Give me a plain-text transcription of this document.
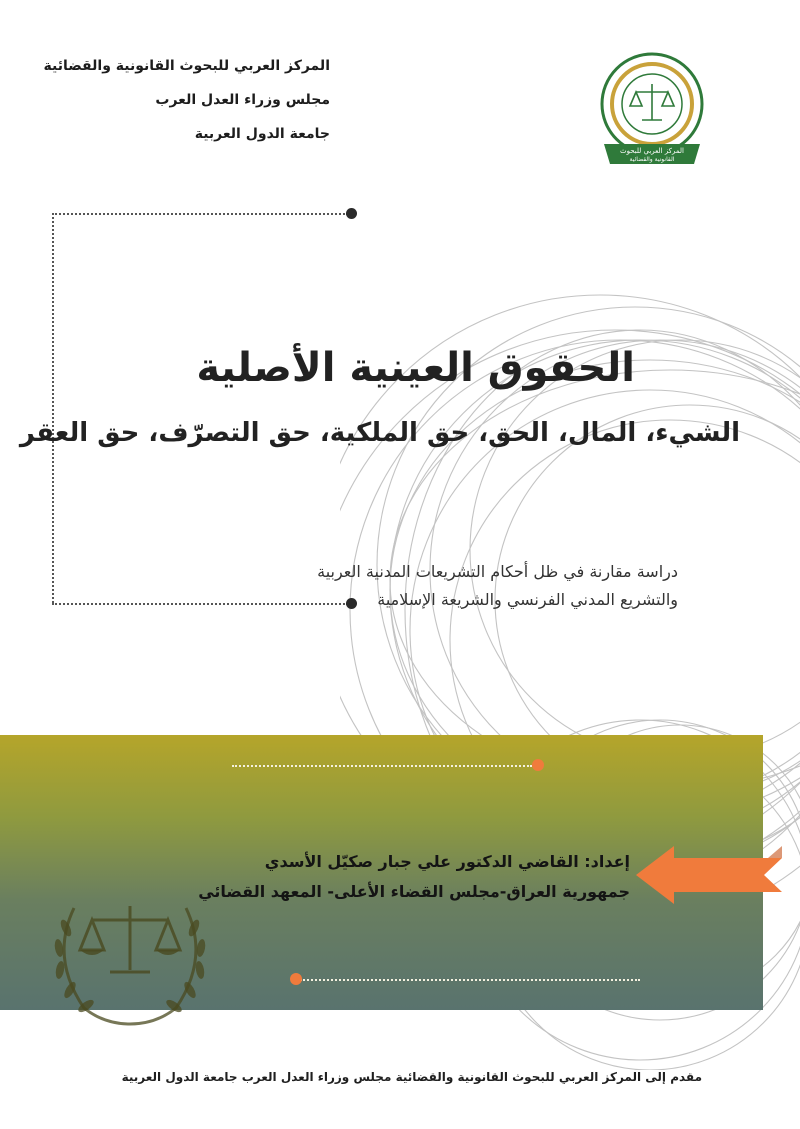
المركز العربي للبحوث القانونية والقضائية
مجلس وزراء العدل العرب
جامعة الدول العربية
المركز العربي للبحوث
القانونية والقضائية
الحقوق العينية الأصلية
الشيء، المال، الحق، حق الملكية، حق التصرّف، حق العقر
دراسة مقارنة في ظل أحكام التشريعات المدنية العربية
والتشريع المدني الفرنسي والشريعة الإسلامية
إعداد: القاضي الدكتور علي جبار صكيّل الأسدي
جمهورية العراق-مجلس القضاء الأعلى- المعهد القضائي
مقدم إلى المركز العربي للبحوث القانونية والقضائية مجلس وزراء العدل العرب جامعة الدول العربية
